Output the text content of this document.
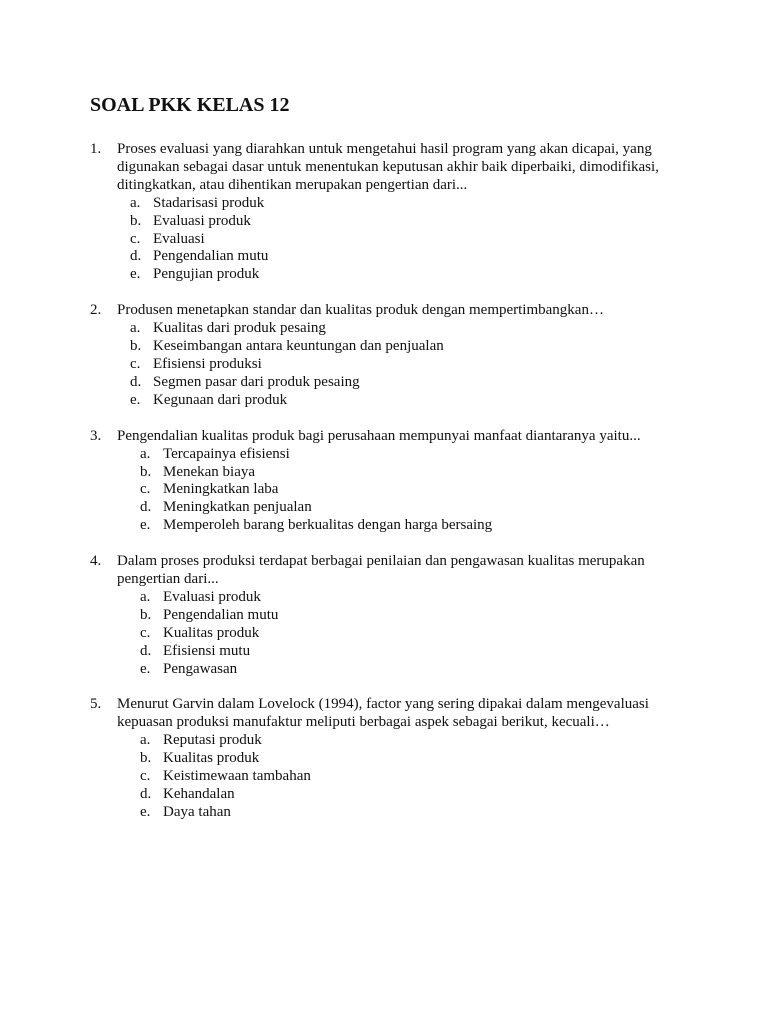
SOAL PKK KELAS 12
1. Proses evaluasi yang diarahkan untuk mengetahui hasil program yang akan dicapai, yang digunakan sebagai dasar untuk menentukan keputusan akhir baik diperbaiki, dimodifikasi, ditingkatkan, atau dihentikan merupakan pengertian dari...
a. Stadarisasi produk
b. Evaluasi produk
c. Evaluasi
d. Pengendalian mutu
e. Pengujian produk
2. Produsen menetapkan standar dan kualitas produk dengan mempertimbangkan…
a. Kualitas dari produk pesaing
b. Keseimbangan antara keuntungan dan penjualan
c. Efisiensi produksi
d. Segmen pasar dari produk pesaing
e. Kegunaan dari produk
3. Pengendalian kualitas produk bagi perusahaan mempunyai manfaat diantaranya yaitu...
a. Tercapainya efisiensi
b. Menekan biaya
c. Meningkatkan laba
d. Meningkatkan penjualan
e. Memperoleh barang berkualitas dengan harga bersaing
4. Dalam proses produksi terdapat berbagai penilaian dan pengawasan kualitas merupakan pengertian dari...
a. Evaluasi produk
b. Pengendalian mutu
c. Kualitas produk
d. Efisiensi mutu
e. Pengawasan
5. Menurut Garvin dalam Lovelock (1994), factor yang sering dipakai dalam mengevaluasi kepuasan produksi manufaktur meliputi berbagai aspek sebagai berikut, kecuali…
a. Reputasi produk
b. Kualitas produk
c. Keistimewaan tambahan
d. Kehandalan
e. Daya tahan
